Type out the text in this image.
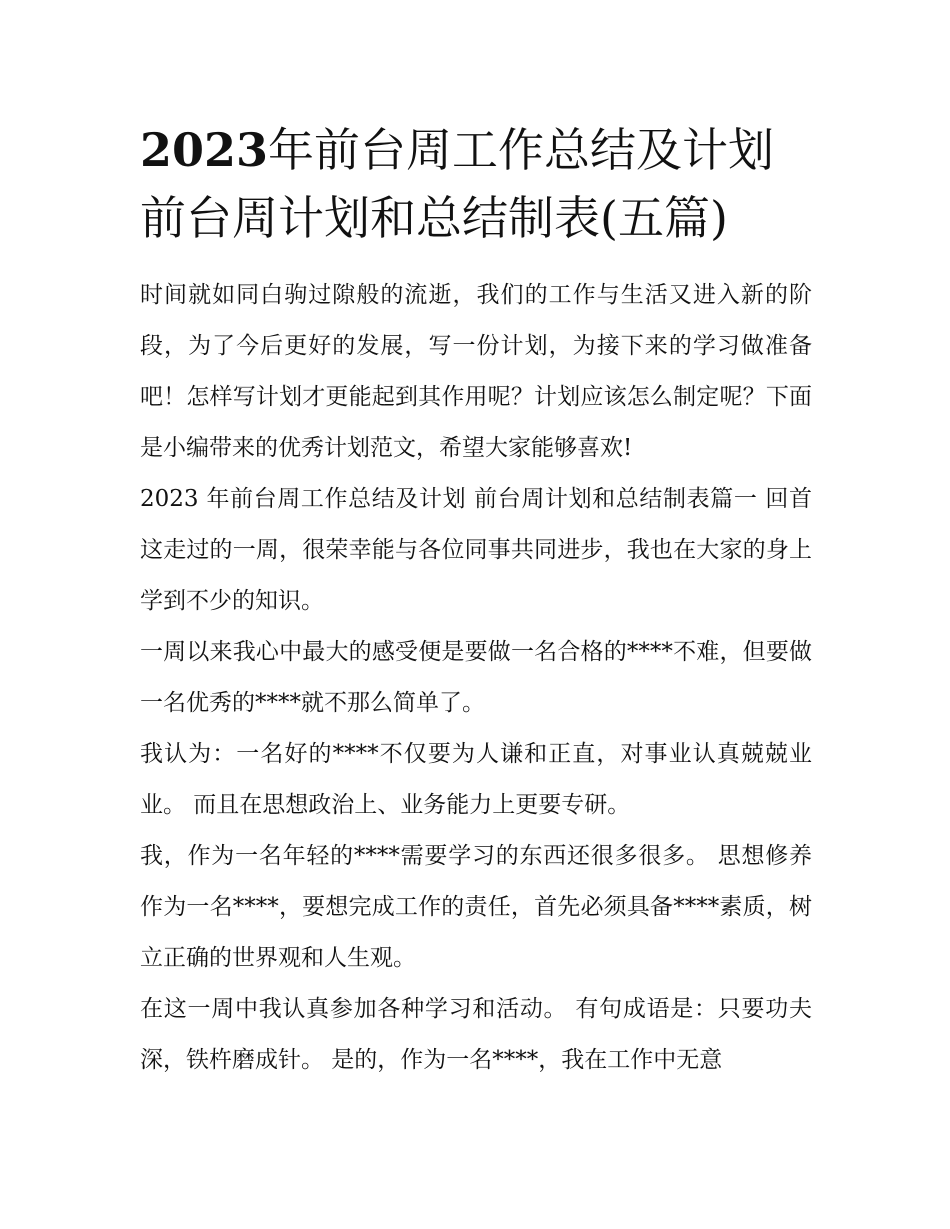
2023年前台周工作总结及计划
前台周计划和总结制表(五篇)

时间就如同白驹过隙般的流逝，我们的工作与生活又进入新的阶段，为了今后更好的发展，写一份计划，为接下来的学习做准备吧！怎样写计划才更能起到其作用呢？计划应该怎么制定呢？下面是小编带来的优秀计划范文，希望大家能够喜欢!

2023 年前台周工作总结及计划 前台周计划和总结制表篇一 回首这走过的一周，很荣幸能与各位同事共同进步，我也在大家的身上学到不少的知识。

一周以来我心中最大的感受便是要做一名合格的****不难，但要做一名优秀的****就不那么简单了。

我认为：一名好的****不仅要为人谦和正直，对事业认真兢兢业业。 而且在思想政治上、业务能力上更要专研。

我，作为一名年轻的****需要学习的东西还很多很多。 思想修养作为一名****，要想完成工作的责任，首先必须具备****素质，树立正确的世界观和人生观。

在这一周中我认真参加各种学习和活动。 有句成语是：只要功夫深，铁杵磨成针。 是的，作为一名****，我在工作中无意
